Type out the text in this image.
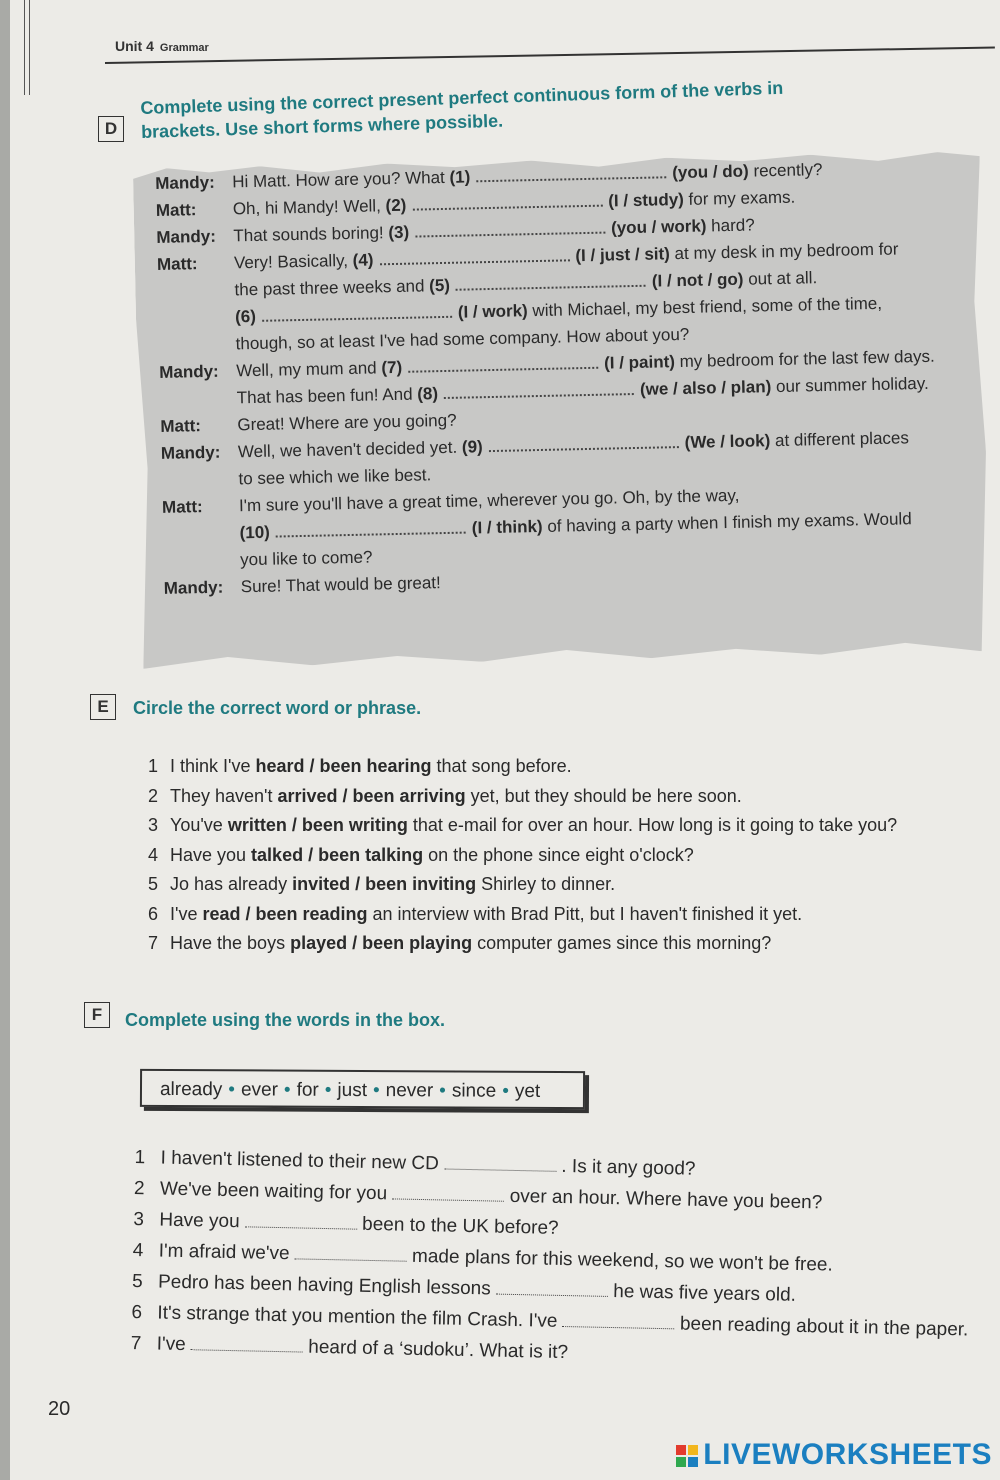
Unit 4 Grammar
D
Complete using the correct present perfect continuous form of the verbs in
brackets. Use short forms where possible.
Mandy: Hi Matt. How are you? What (1)	(you / do) recently?
Matt: Oh, hi Mandy! Well, (2)	(I / study) for my exams.
Mandy: That sounds boring! (3)	(you / work) hard?
Matt: Very! Basically, (4)	(I / just / sit) at my desk in my bedroom for
the past three weeks and (5)	(I / not / go) out at all.
(6)	(I / work) with Michael, my best friend, some of the time,
though, so at least I've had some company. How about you?
Mandy: Well, my mum and (7)	(I / paint) my bedroom for the last few days.
That has been fun! And (8)	(we / also / plan) our summer holiday.
Matt: Great! Where are you going?
Mandy: Well, we haven't decided yet. (9)	(We / look) at different places
to see which we like best.
Matt: I'm sure you'll have a great time, wherever you go. Oh, by the way,
(10)	(I / think) of having a party when I finish my exams. Would
you like to come?
Mandy: Sure! That would be great!
E	Circle the correct word or phrase.
1 I think I've heard / been hearing that song before.
2 They haven't arrived / been arriving yet, but they should be here soon.
3 You've written / been writing that e-mail for over an hour. How long is it going to take you?
4 Have you talked / been talking on the phone since eight o'clock?
5 Jo has already invited / been inviting Shirley to dinner.
6 I've read / been reading an interview with Brad Pitt, but I haven't finished it yet.
7 Have the boys played / been playing computer games since this morning?
F	Complete using the words in the box.
already • ever • for • just • never • since • yet
1 I haven't listened to their new CD	. Is it any good?
2 We've been waiting for you	over an hour. Where have you been?
3 Have you	been to the UK before?
4 I'm afraid we've	made plans for this weekend, so we won't be free.
5 Pedro has been having English lessons	he was five years old.
6 It's strange that you mention the film Crash. I've	been reading about it in the paper.
7 I've	heard of a ‘sudoku’. What is it?
20
LIVEWORKSHEETS
